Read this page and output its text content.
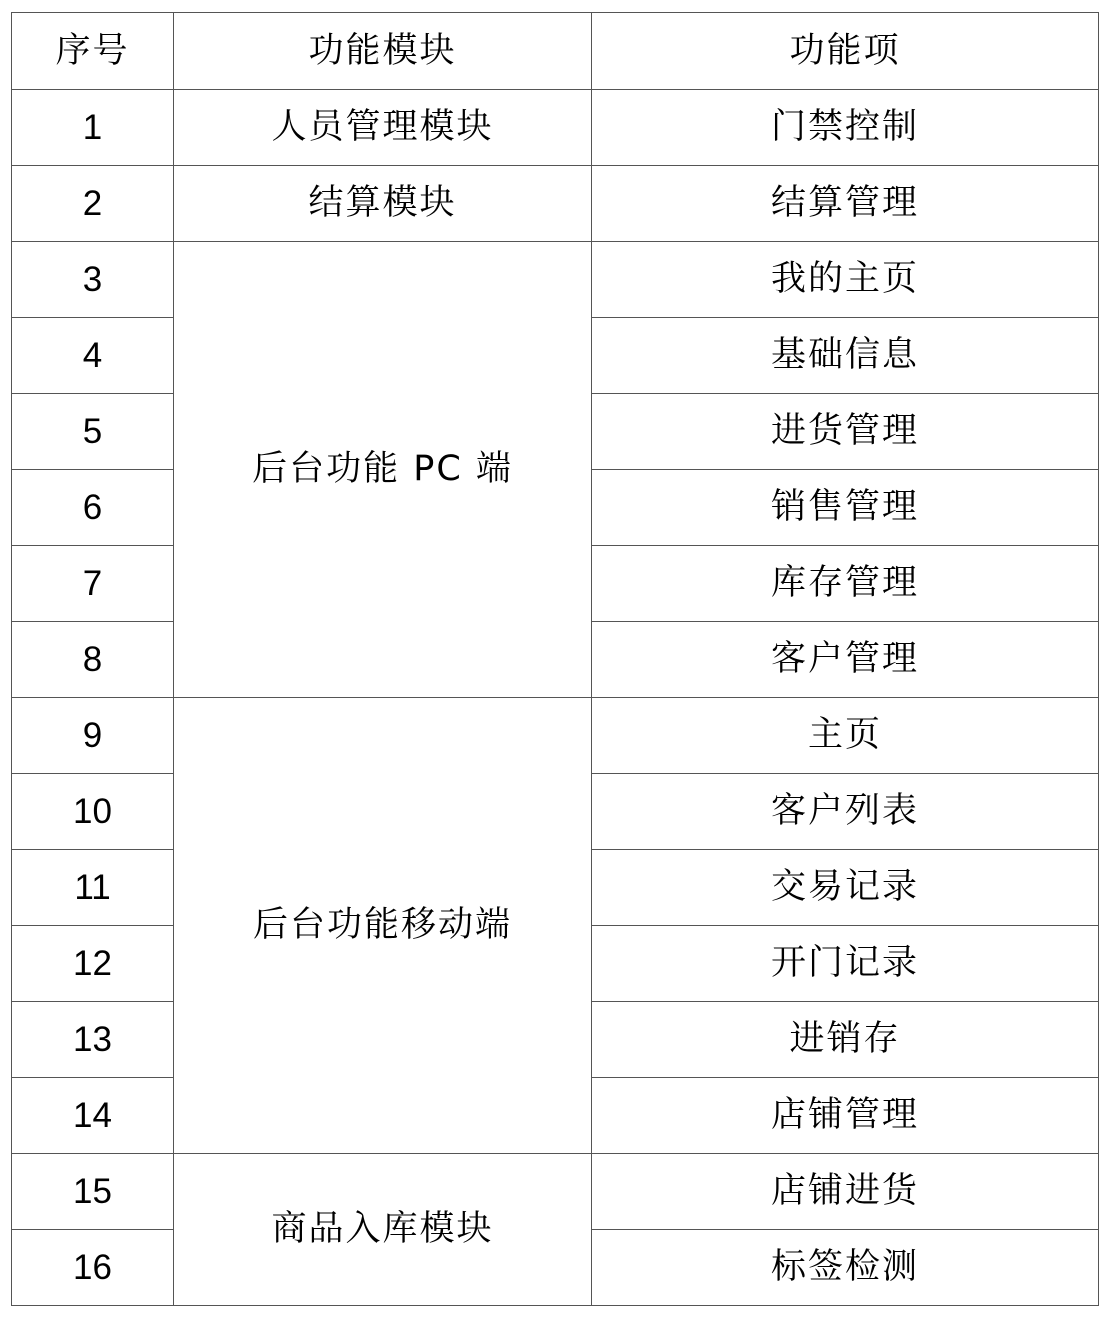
序号	功能模块	功能项
1	人员管理模块	门禁控制
2	结算模块	结算管理
3	后台功能 PC 端	我的主页
4		基础信息
5		进货管理
6		销售管理
7		库存管理
8		客户管理
9	后台功能移动端	主页
10		客户列表
11		交易记录
12		开门记录
13		进销存
14		店铺管理
15	商品入库模块	店铺进货
16		标签检测
